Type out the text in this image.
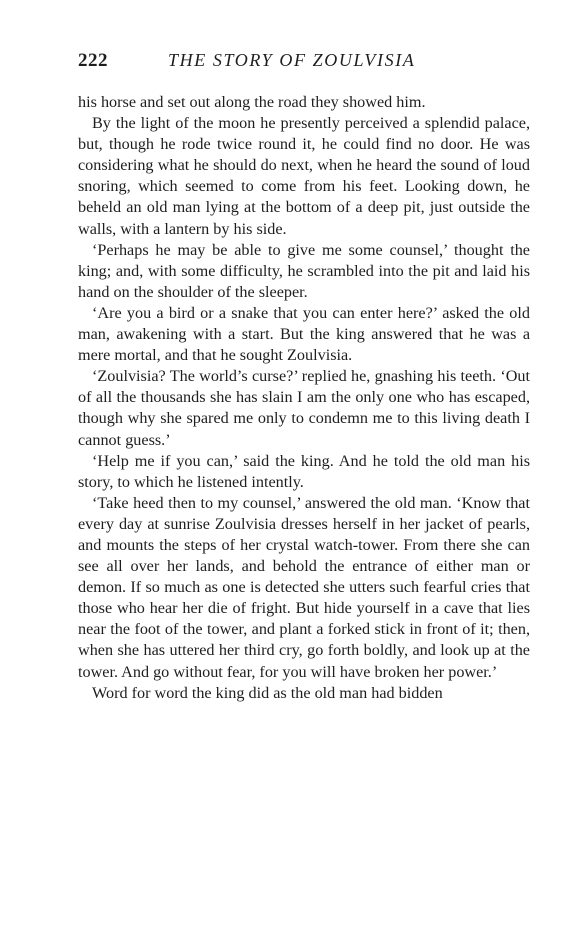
222	THE STORY OF ZOULVISIA

his horse and set out along the road they showed him.

By the light of the moon he presently perceived a splendid palace, but, though he rode twice round it, he could find no door. He was considering what he should do next, when he heard the sound of loud snoring, which seemed to come from his feet. Looking down, he beheld an old man lying at the bottom of a deep pit, just outside the walls, with a lantern by his side.

‘Perhaps he may be able to give me some counsel,’ thought the king; and, with some difficulty, he scrambled into the pit and laid his hand on the shoulder of the sleeper.

‘Are you a bird or a snake that you can enter here?’ asked the old man, awakening with a start. But the king answered that he was a mere mortal, and that he sought Zoulvisia.

‘Zoulvisia? The world’s curse?’ replied he, gnashing his teeth. ‘Out of all the thousands she has slain I am the only one who has escaped, though why she spared me only to condemn me to this living death I cannot guess.’

‘Help me if you can,’ said the king. And he told the old man his story, to which he listened intently.

‘Take heed then to my counsel,’ answered the old man. ‘Know that every day at sunrise Zoulvisia dresses herself in her jacket of pearls, and mounts the steps of her crystal watch-tower. From there she can see all over her lands, and behold the entrance of either man or demon. If so much as one is detected she utters such fearful cries that those who hear her die of fright. But hide yourself in a cave that lies near the foot of the tower, and plant a forked stick in front of it; then, when she has uttered her third cry, go forth boldly, and look up at the tower. And go without fear, for you will have broken her power.’

Word for word the king did as the old man had bidden
